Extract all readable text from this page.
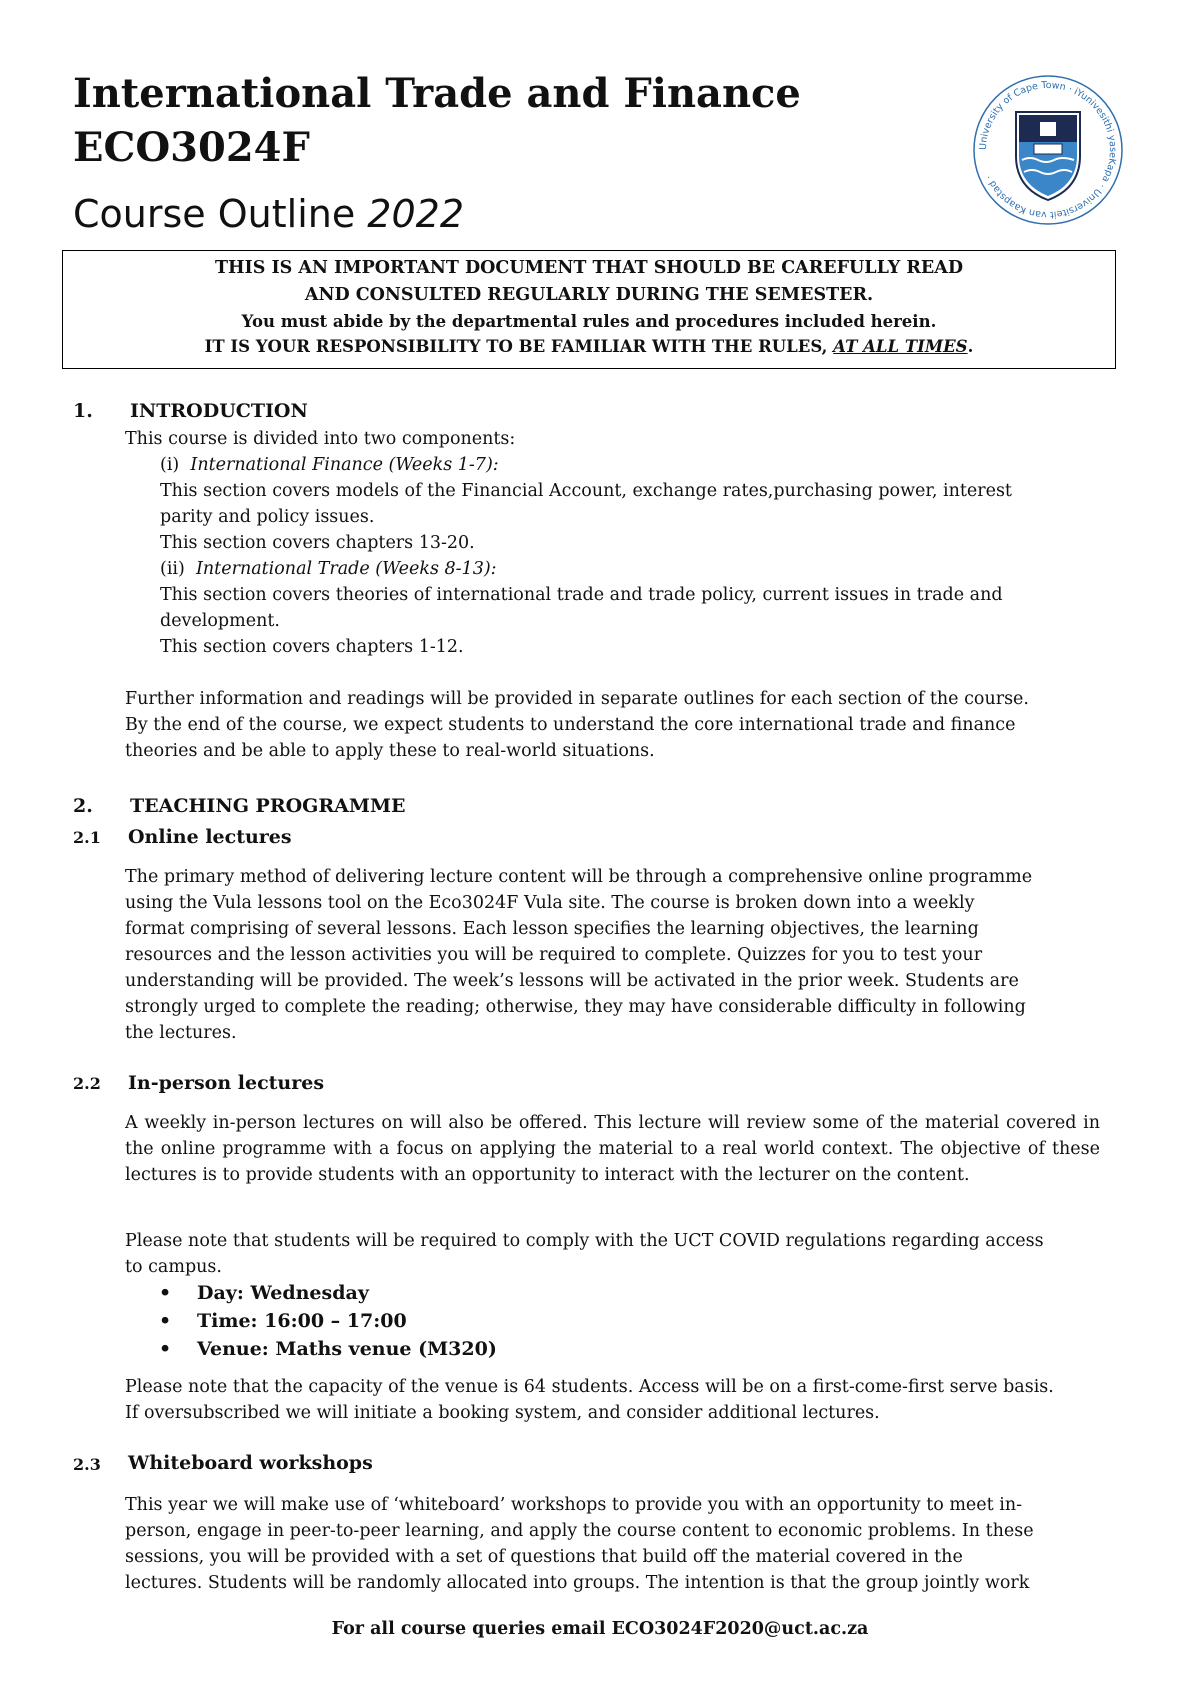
International Trade and Finance
ECO3024F
Course Outline 2022
University of Cape Town · iYunivesithi yaseKapa · Universiteit van Kaapstad ·
THIS IS AN IMPORTANT DOCUMENT THAT SHOULD BE CAREFULLY READ
AND CONSULTED REGULARLY DURING THE SEMESTER.
You must abide by the departmental rules and procedures included herein.
IT IS YOUR RESPONSIBILITY TO BE FAMILIAR WITH THE RULES, AT ALL TIMES.
1. INTRODUCTION
This course is divided into two components:
(i) International Finance (Weeks 1-7):
This section covers models of the Financial Account, exchange rates,purchasing power, interest
parity and policy issues.
This section covers chapters 13-20.
(ii) International Trade (Weeks 8-13):
This section covers theories of international trade and trade policy, current issues in trade and
development.
This section covers chapters 1-12.
Further information and readings will be provided in separate outlines for each section of the course.
By the end of the course, we expect students to understand the core international trade and finance
theories and be able to apply these to real-world situations.
2. TEACHING PROGRAMME
2.1 Online lectures
The primary method of delivering lecture content will be through a comprehensive online programme
using the Vula lessons tool on the Eco3024F Vula site. The course is broken down into a weekly
format comprising of several lessons. Each lesson specifies the learning objectives, the learning
resources and the lesson activities you will be required to complete. Quizzes for you to test your
understanding will be provided. The week’s lessons will be activated in the prior week. Students are
strongly urged to complete the reading; otherwise, they may have considerable difficulty in following
the lectures.
2.2 In-person lectures
A weekly in-person lectures on will also be offered. This lecture will review some of the material covered in the online programme with a focus on applying the material to a real world context. The objective of these lectures is to provide students with an opportunity to interact with the lecturer on the content.
Please note that students will be required to comply with the UCT COVID regulations regarding access
to campus.
• Day: Wednesday
• Time: 16:00 – 17:00
• Venue: Maths venue (M320)
Please note that the capacity of the venue is 64 students. Access will be on a first-come-first serve basis.
If oversubscribed we will initiate a booking system, and consider additional lectures.
2.3 Whiteboard workshops
This year we will make use of ‘whiteboard’ workshops to provide you with an opportunity to meet in-
person, engage in peer-to-peer learning, and apply the course content to economic problems. In these
sessions, you will be provided with a set of questions that build off the material covered in the
lectures. Students will be randomly allocated into groups. The intention is that the group jointly work
For all course queries email ECO3024F2020@uct.ac.za
